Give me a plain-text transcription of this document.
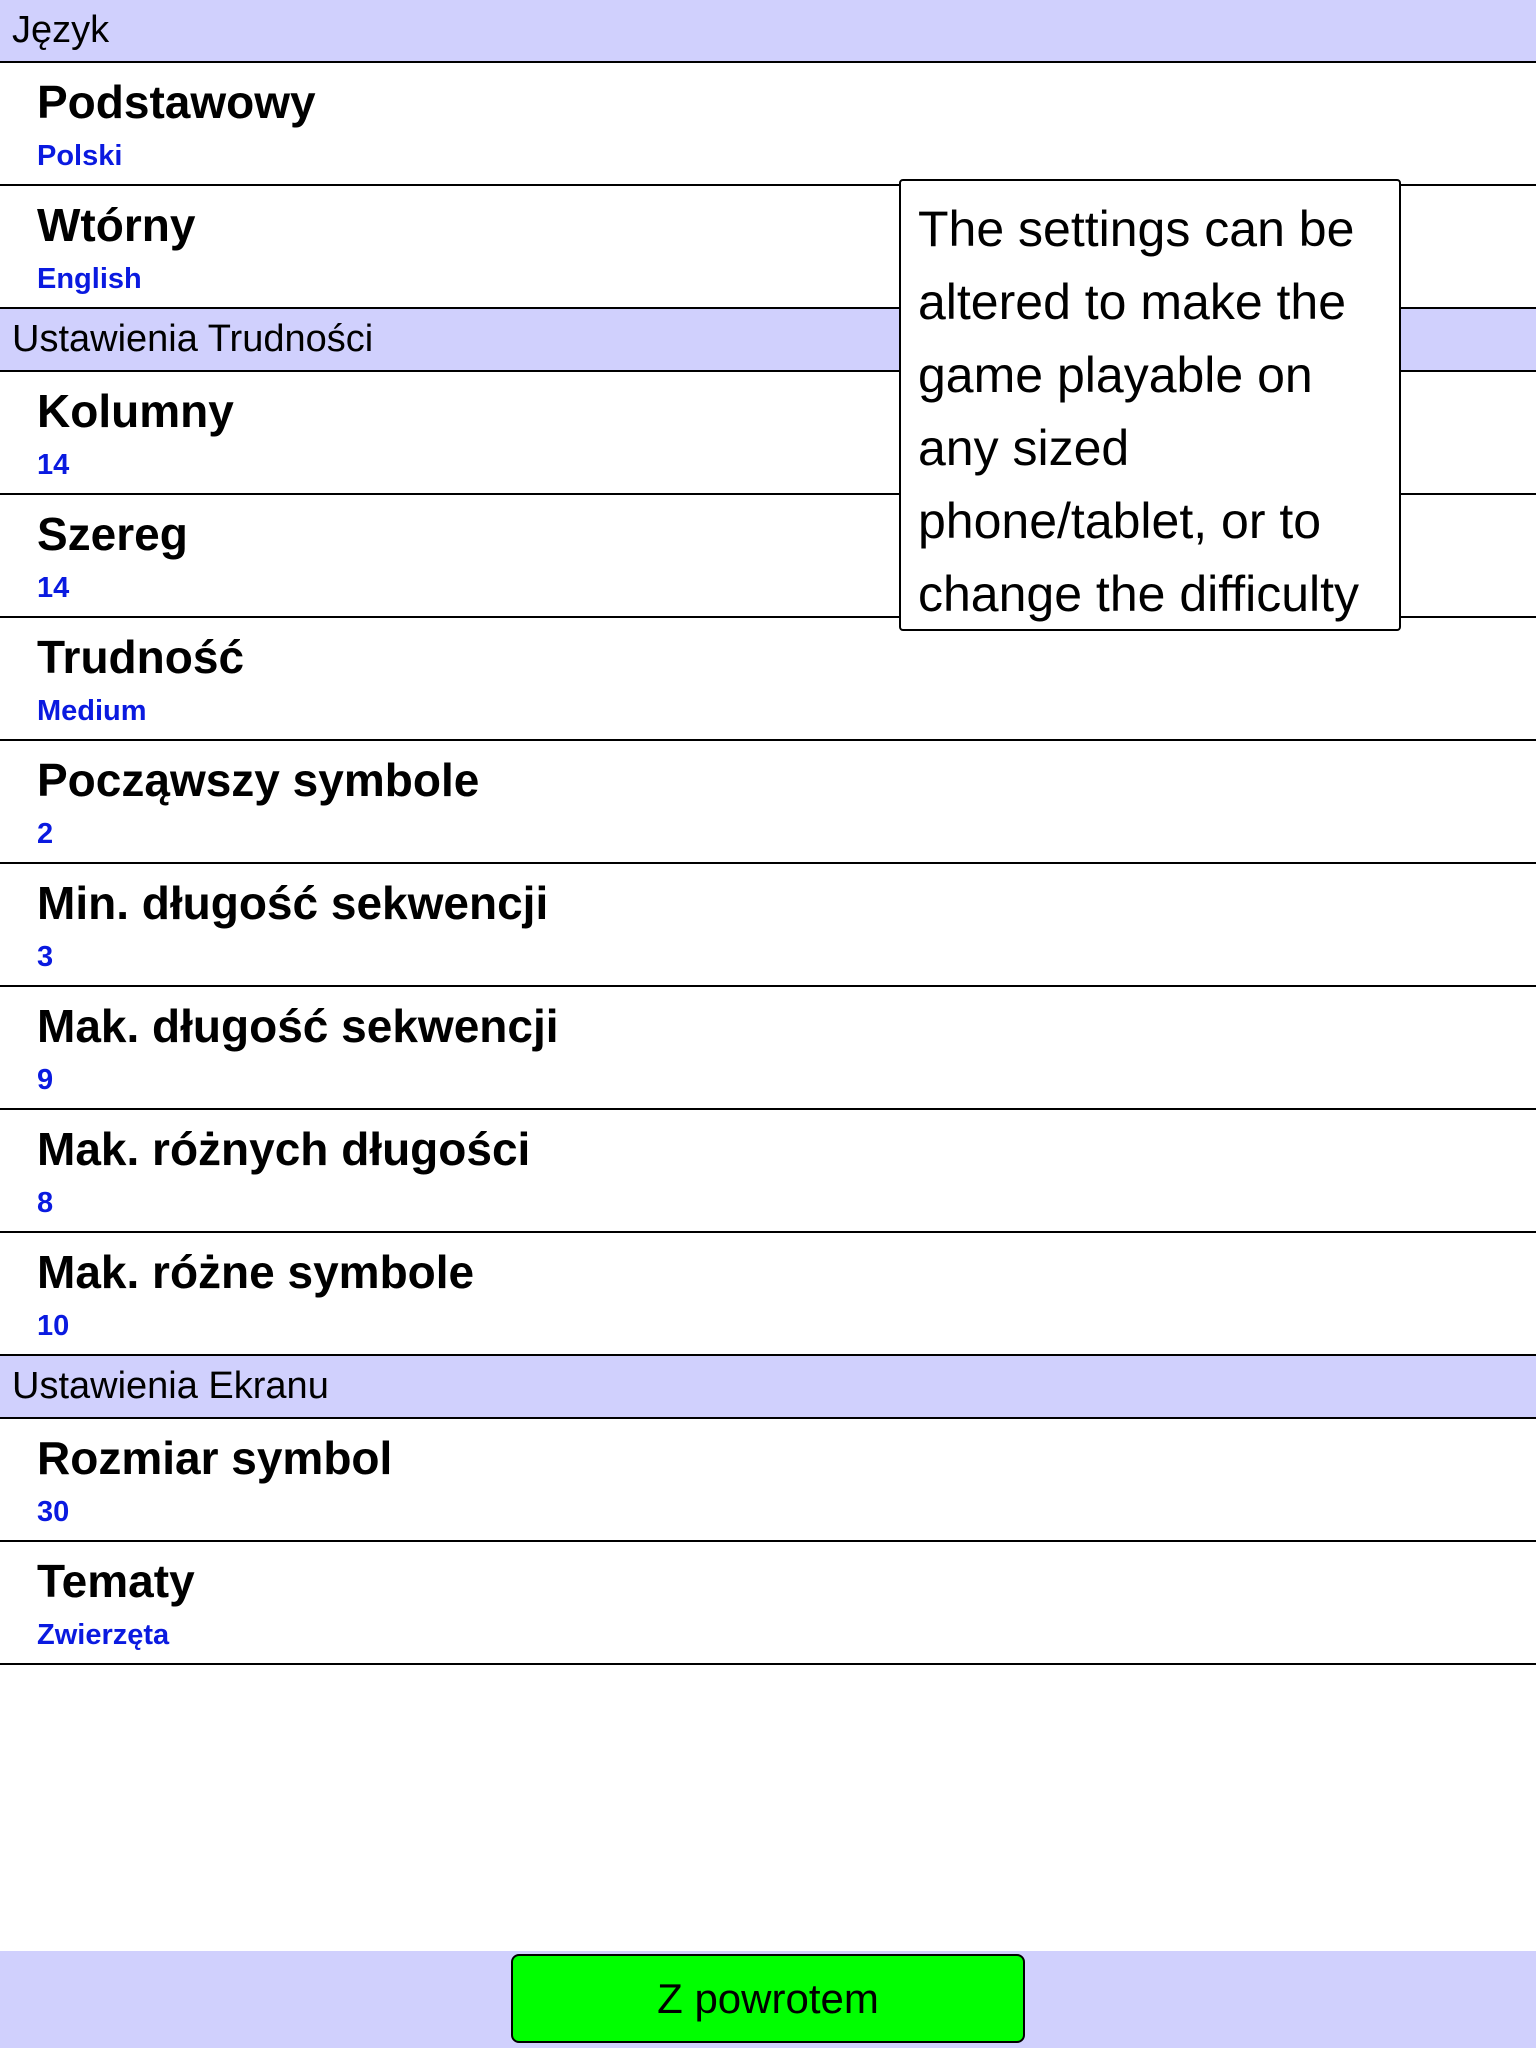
Język
Podstawowy
Polski
Wtórny
English
Ustawienia Trudności
Kolumny
14
Szereg
14
Trudność
Medium
Począwszy symbole
2
Min. długość sekwencji
3
Mak. długość sekwencji
9
Mak. różnych długości
8
Mak. różne symbole
10
Ustawienia Ekranu
Rozmiar symbol
30
Tematy
Zwierzęta
The settings can be
altered to make the
game playable on
any sized
phone/tablet, or to
change the difficulty
Z powrotem
